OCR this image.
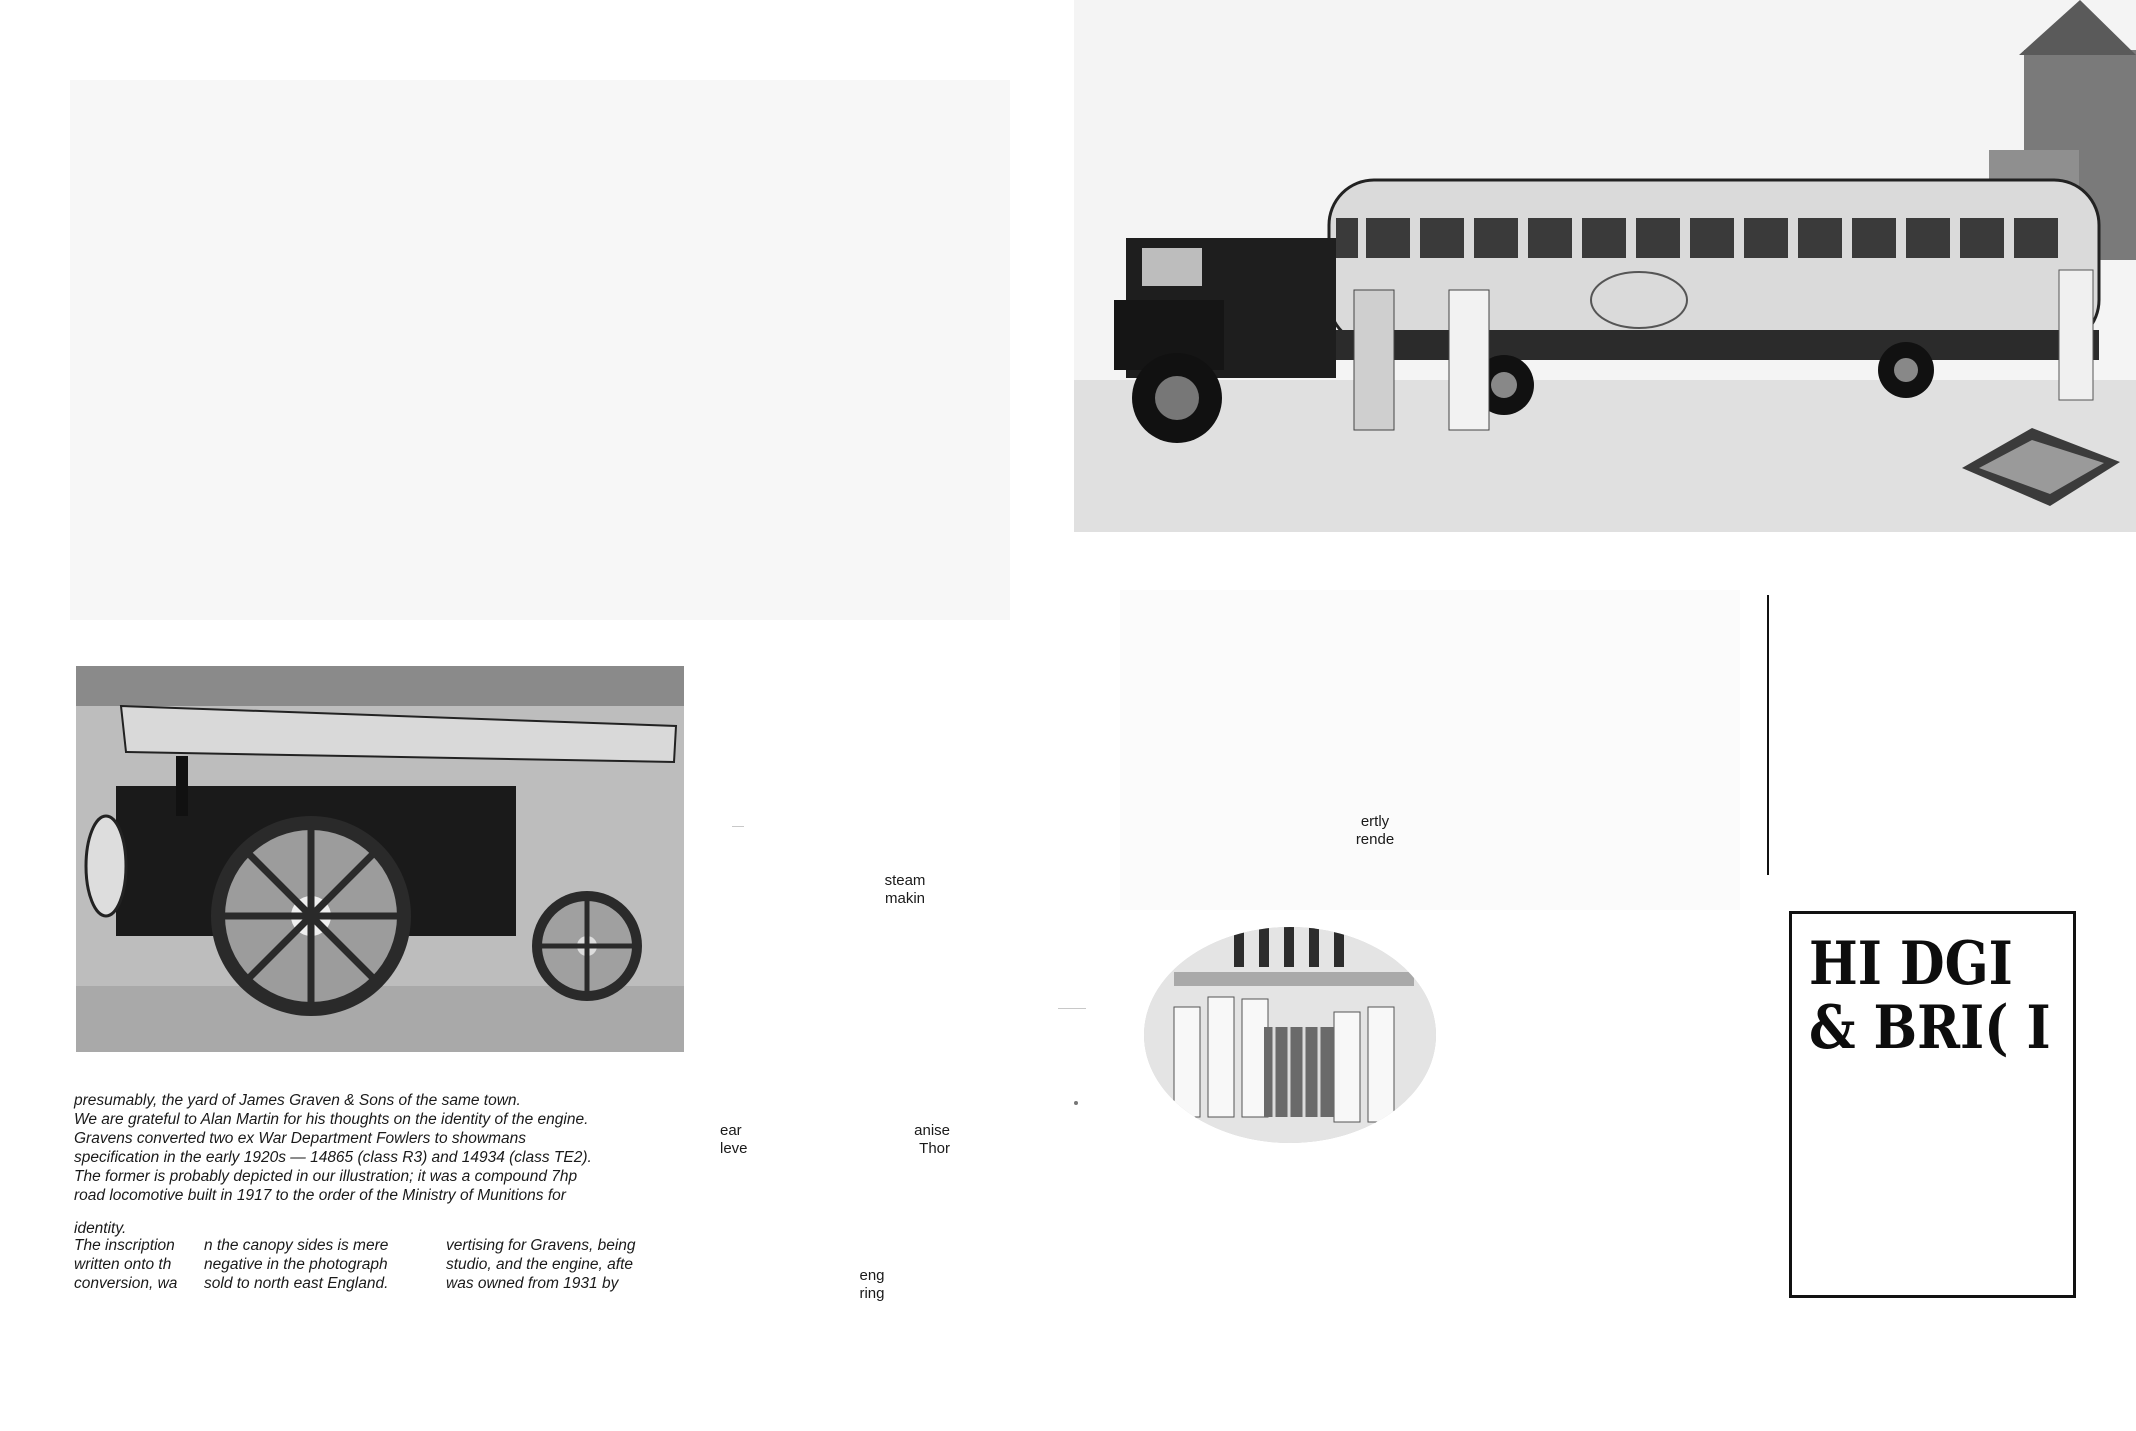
presumably, the yard of James Graven & Sons of the same town.
We are grateful to Alan Martin for his thoughts on the identity of the engine.
Gravens converted two ex War Department Fowlers to showmans
specification in the early 1920s — 14865 (class R3) and 14934 (class TE2).
The former is probably depicted in our illustration; it was a compound 7hp
road locomotive built in 1917 to the order of the Ministry of Munitions for
identity.
The inscription
written onto th
conversion, wa
n the canopy sides is mere
negative in the photograph
sold to north east England.
vertising for Gravens, being
studio, and the engine, afte
was owned from 1931 by
steam
makin
ertly
rende
ear
leve
anise
Thor
eng
ring
HI DGI
& BRI( I
